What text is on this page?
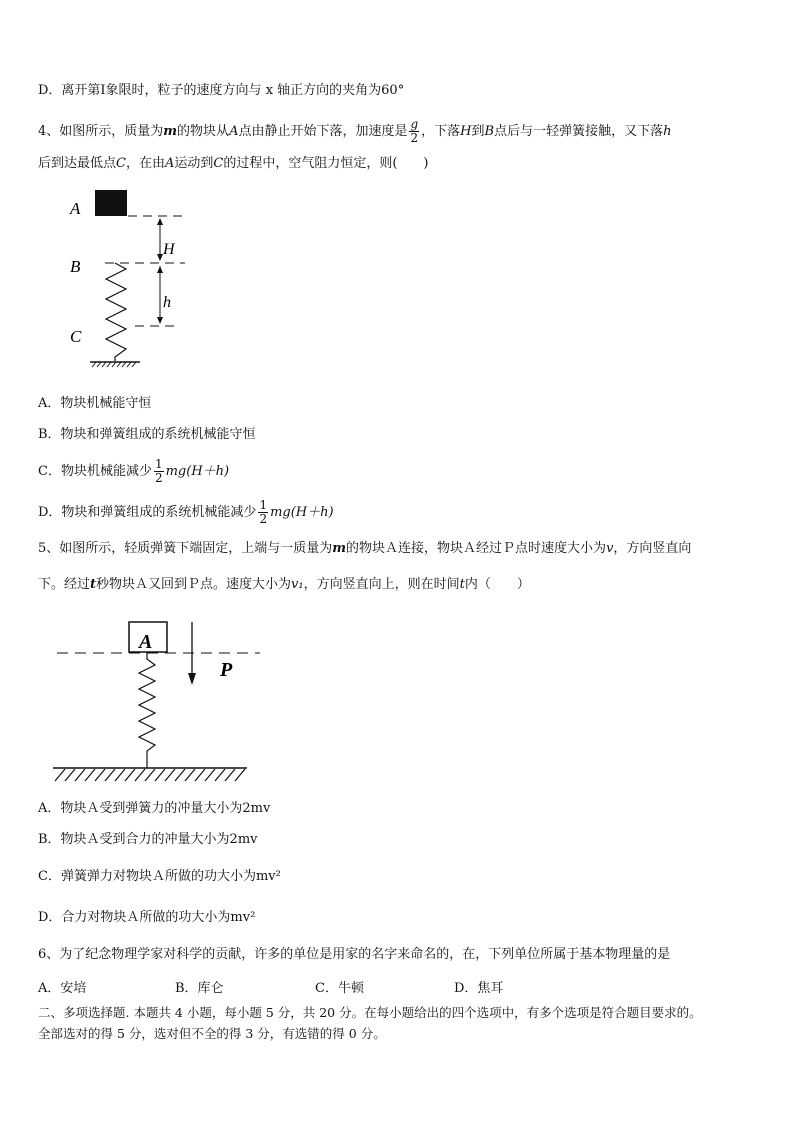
D．离开第Ⅰ象限时，粒子的速度方向与 x 轴正方向的夹角为60°
4、如图所示，质量为m的物块从A点由静止开始下落，加速度是 $\frac{g}{2}$ ，下落H到B点后与一轻弹簧接触，又下落h
后到达最低点C，在由A运动到C的过程中，空气阻力恒定，则(　　)
A
B
C
H
h
A．物块机械能守恒
B．物块和弹簧组成的系统机械能守恒
C．物块机械能减少 $\frac{1}{2} mg(H+h)$
D．物块和弹簧组成的系统机械能减少 $\frac{1}{2} mg(H+h)$
5、如图所示，轻质弹簧下端固定，上端与一质量为m的物块Ａ连接，物块Ａ经过Ｐ点时速度大小为v，方向竖直向
下。经过t秒物块Ａ又回到Ｐ点。速度大小为v₁，方向竖直向上，则在时间t内（　　）
A
P
A．物块Ａ受到弹簧力的冲量大小为2mv
B．物块Ａ受到合力的冲量大小为2mv
C．弹簧弹力对物块Ａ所做的功大小为mv²
D．合力对物块Ａ所做的功大小为mv²
6、为了纪念物理学家对科学的贡献，许多的单位是用家的名字来命名的，在，下列单位所属于基本物理量的是
A．安培	B．库仑	C．牛顿	D．焦耳
二、多项选择题. 本题共 4 小题，每小题 5 分，共 20 分。在每小题给出的四个选项中，有多个选项是符合题目要求的。
全部选对的得 5 分，选对但不全的得 3 分，有选错的得 0 分。
